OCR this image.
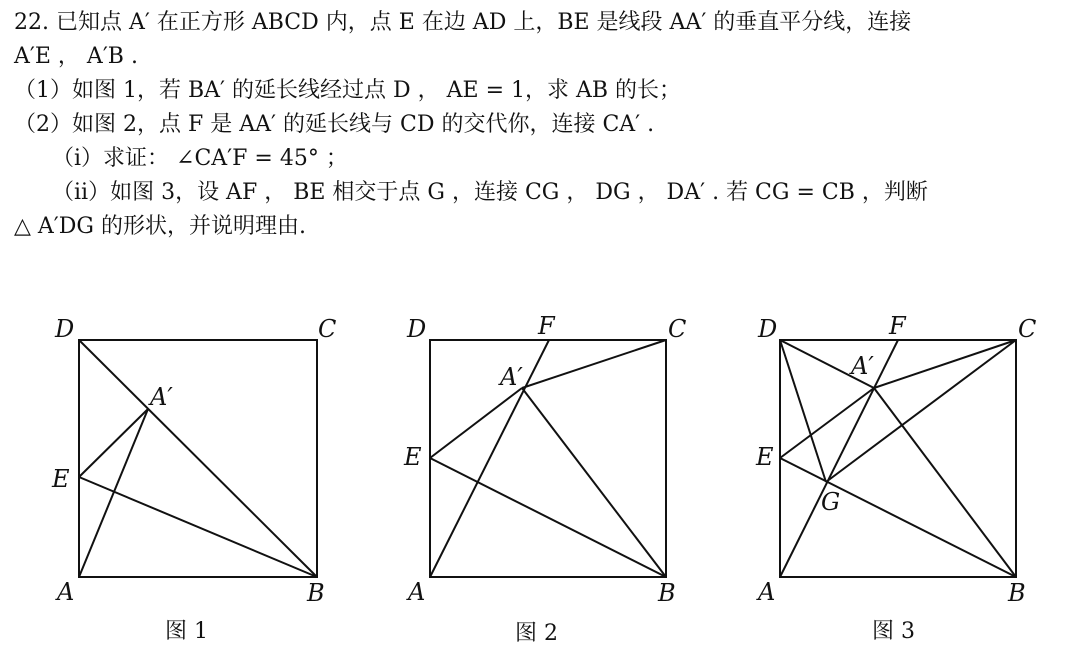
22. 已知点 A′ 在正方形 ABCD 内，点 E 在边 AD 上，BE 是线段 AA′ 的垂直平分线，连接
A′E ， A′B .
（1）如图 1，若 BA′ 的延长线经过点 D ， AE = 1，求 AB 的长；
（2）如图 2，点 F 是 AA′ 的延长线与 CD 的交代你，连接 CA′ .
（ⅰ）求证： ∠CA′F = 45° ；
（ⅱ）如图 3，设 AF ， BE 相交于点 G ，连接 CG ， DG ， DA′ . 若 CG = CB ，判断
△ A′DG 的形状，并说明理由.
D	C
A	B
E
A′
图 1
D	F	C
A′
E
A	B
图 2
D	F	C
A′
E
G
A	B
图 3
